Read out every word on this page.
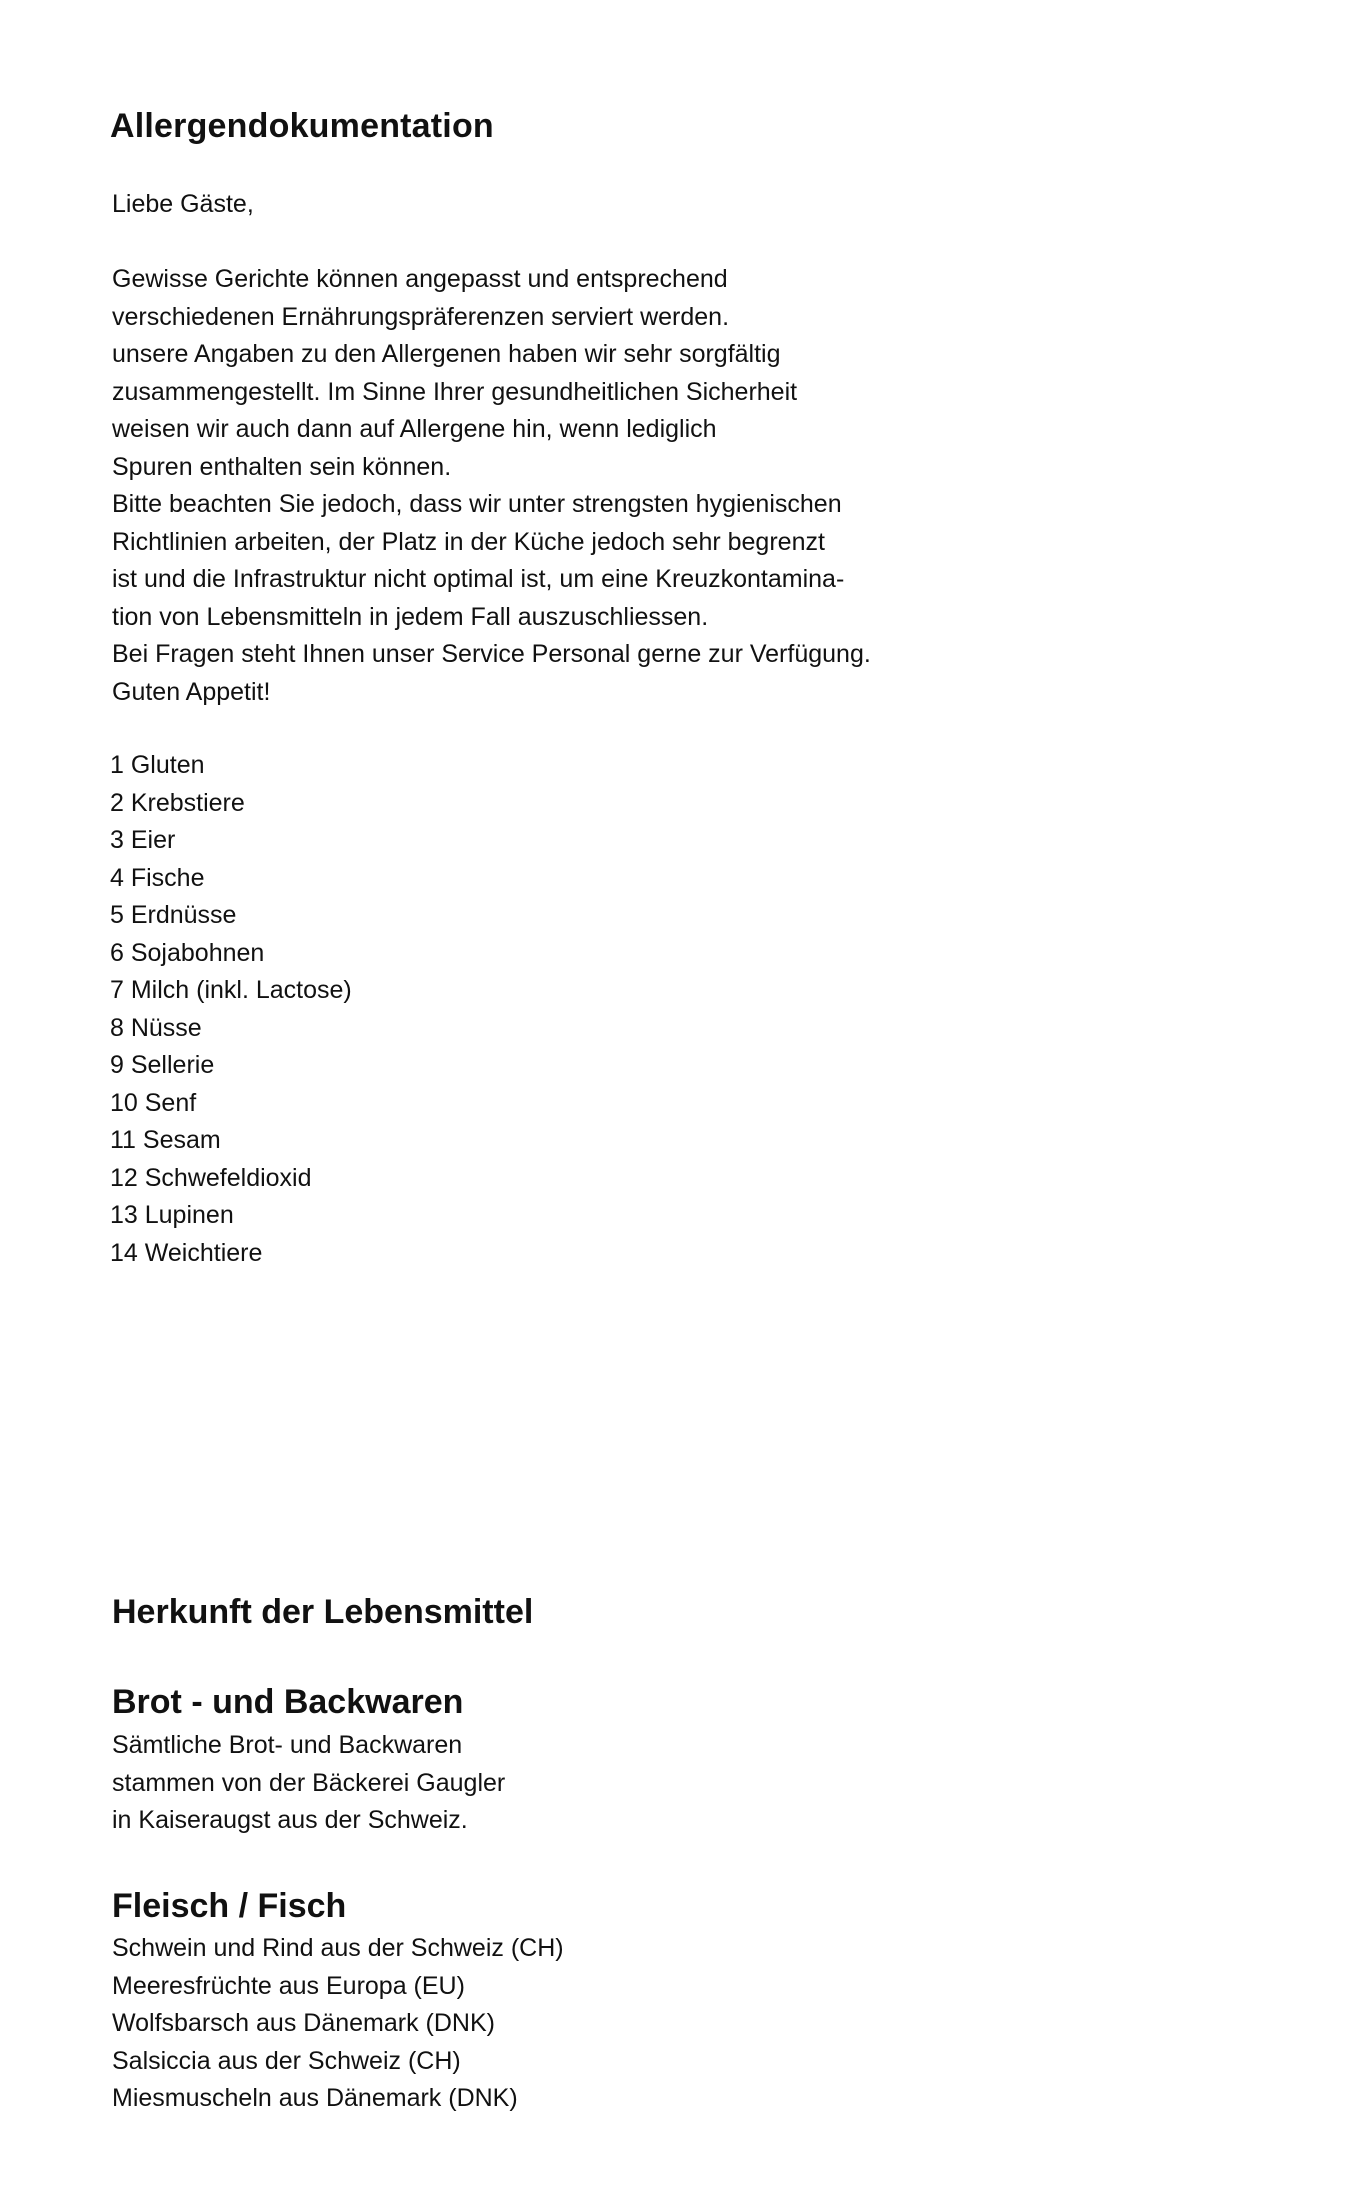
Allergendokumentation

Liebe Gäste,

Gewisse Gerichte können angepasst und entsprechend
verschiedenen Ernährungspräferenzen serviert werden.
unsere Angaben zu den Allergenen haben wir sehr sorgfältig
zusammengestellt. Im Sinne Ihrer gesundheitlichen Sicherheit
weisen wir auch dann auf Allergene hin, wenn lediglich
Spuren enthalten sein können.
Bitte beachten Sie jedoch, dass wir unter strengsten hygienischen
Richtlinien arbeiten, der Platz in der Küche jedoch sehr begrenzt
ist und die Infrastruktur nicht optimal ist, um eine Kreuzkontamina-
tion von Lebensmitteln in jedem Fall auszuschliessen.
Bei Fragen steht Ihnen unser Service Personal gerne zur Verfügung.
Guten Appetit!
1 Gluten
2 Krebstiere
3 Eier
4 Fische
5 Erdnüsse
6 Sojabohnen
7 Milch (inkl. Lactose)
8 Nüsse
9 Sellerie
10 Senf
11 Sesam
12 Schwefeldioxid
13 Lupinen
14 Weichtiere
Herkunft der Lebensmittel
Brot - und Backwaren
Sämtliche Brot- und Backwaren
stammen von der Bäckerei Gaugler
in Kaiseraugst aus der Schweiz.
Fleisch / Fisch
Schwein und Rind aus der Schweiz (CH)
Meeresfrüchte aus Europa (EU)
Wolfsbarsch aus Dänemark (DNK)
Salsiccia aus der Schweiz (CH)
Miesmuscheln aus Dänemark (DNK)
